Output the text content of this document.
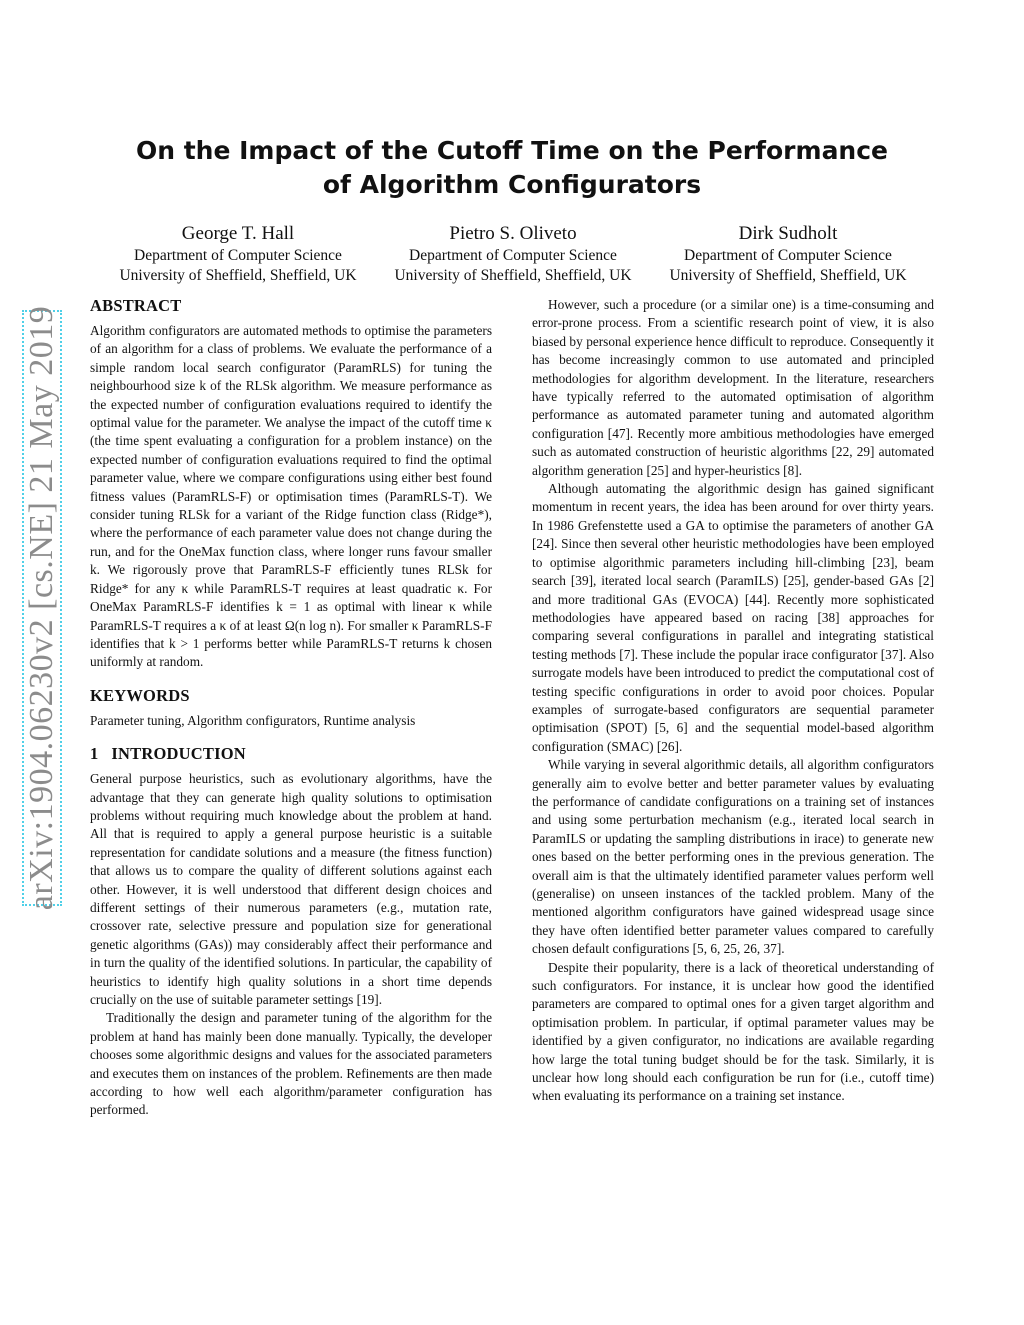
arXiv:1904.06230v2 [cs.NE] 21 May 2019
On the Impact of the Cutoff Time on the Performance of Algorithm Configurators
George T. Hall
Department of Computer Science
University of Sheffield, Sheffield, UK
Pietro S. Oliveto
Department of Computer Science
University of Sheffield, Sheffield, UK
Dirk Sudholt
Department of Computer Science
University of Sheffield, Sheffield, UK
ABSTRACT

Algorithm configurators are automated methods to optimise the parameters of an algorithm for a class of problems. We evaluate the performance of a simple random local search configurator (ParamRLS) for tuning the neighbourhood size k of the RLSk algorithm. We measure performance as the expected number of configuration evaluations required to identify the optimal value for the parameter. We analyse the impact of the cutoff time κ (the time spent evaluating a configuration for a problem instance) on the expected number of configuration evaluations required to find the optimal parameter value, where we compare configurations using either best found fitness values (ParamRLS-F) or optimisation times (ParamRLS-T). We consider tuning RLSk for a variant of the Ridge function class (Ridge*), where the performance of each parameter value does not change during the run, and for the OneMax function class, where longer runs favour smaller k. We rigorously prove that ParamRLS-F efficiently tunes RLSk for Ridge* for any κ while ParamRLS-T requires at least quadratic κ. For OneMax ParamRLS-F identifies k = 1 as optimal with linear κ while ParamRLS-T requires a κ of at least Ω(n log n). For smaller κ ParamRLS-F identifies that k > 1 performs better while ParamRLS-T returns k chosen uniformly at random.

KEYWORDS

Parameter tuning, Algorithm configurators, Runtime analysis

1   INTRODUCTION

General purpose heuristics, such as evolutionary algorithms, have the advantage that they can generate high quality solutions to optimisation problems without requiring much knowledge about the problem at hand. All that is required to apply a general purpose heuristic is a suitable representation for candidate solutions and a measure (the fitness function) that allows us to compare the quality of different solutions against each other. However, it is well understood that different design choices and different settings of their numerous parameters (e.g., mutation rate, crossover rate, selective pressure and population size for generational genetic algorithms (GAs)) may considerably affect their performance and in turn the quality of the identified solutions. In particular, the capability of heuristics to identify high quality solutions in a short time depends crucially on the use of suitable parameter settings [19].

Traditionally the design and parameter tuning of the algorithm for the problem at hand has mainly been done manually. Typically, the developer chooses some algorithmic designs and values for the associated parameters and executes them on instances of the problem. Refinements are then made according to how well each algorithm/parameter configuration has performed.

However, such a procedure (or a similar one) is a time-consuming and error-prone process. From a scientific research point of view, it is also biased by personal experience hence difficult to reproduce. Consequently it has become increasingly common to use automated and principled methodologies for algorithm development. In the literature, researchers have typically referred to the automated optimisation of algorithm performance as automated parameter tuning and automated algorithm configuration [47]. Recently more ambitious methodologies have emerged such as automated construction of heuristic algorithms [22, 29] automated algorithm generation [25] and hyper-heuristics [8].

Although automating the algorithmic design has gained significant momentum in recent years, the idea has been around for over thirty years. In 1986 Grefenstette used a GA to optimise the parameters of another GA [24]. Since then several other heuristic methodologies have been employed to optimise algorithmic parameters including hill-climbing [23], beam search [39], iterated local search (ParamILS) [25], gender-based GAs [2] and more traditional GAs (EVOCA) [44]. Recently more sophisticated methodologies have appeared based on racing [38] approaches for comparing several configurations in parallel and integrating statistical testing methods [7]. These include the popular irace configurator [37]. Also surrogate models have been introduced to predict the computational cost of testing specific configurations in order to avoid poor choices. Popular examples of surrogate-based configurators are sequential parameter optimisation (SPOT) [5, 6] and the sequential model-based algorithm configuration (SMAC) [26].

While varying in several algorithmic details, all algorithm configurators generally aim to evolve better and better parameter values by evaluating the performance of candidate configurations on a training set of instances and using some perturbation mechanism (e.g., iterated local search in ParamILS or updating the sampling distributions in irace) to generate new ones based on the better performing ones in the previous generation. The overall aim is that the ultimately identified parameter values perform well (generalise) on unseen instances of the tackled problem. Many of the mentioned algorithm configurators have gained widespread usage since they have often identified better parameter values compared to carefully chosen default configurations [5, 6, 25, 26, 37].

Despite their popularity, there is a lack of theoretical understanding of such configurators. For instance, it is unclear how good the identified parameters are compared to optimal ones for a given target algorithm and optimisation problem. In particular, if optimal parameter values may be identified by a given configurator, no indications are available regarding how large the total tuning budget should be for the task. Similarly, it is unclear how long should each configuration be run for (i.e., cutoff time) when evaluating its performance on a training set instance.
